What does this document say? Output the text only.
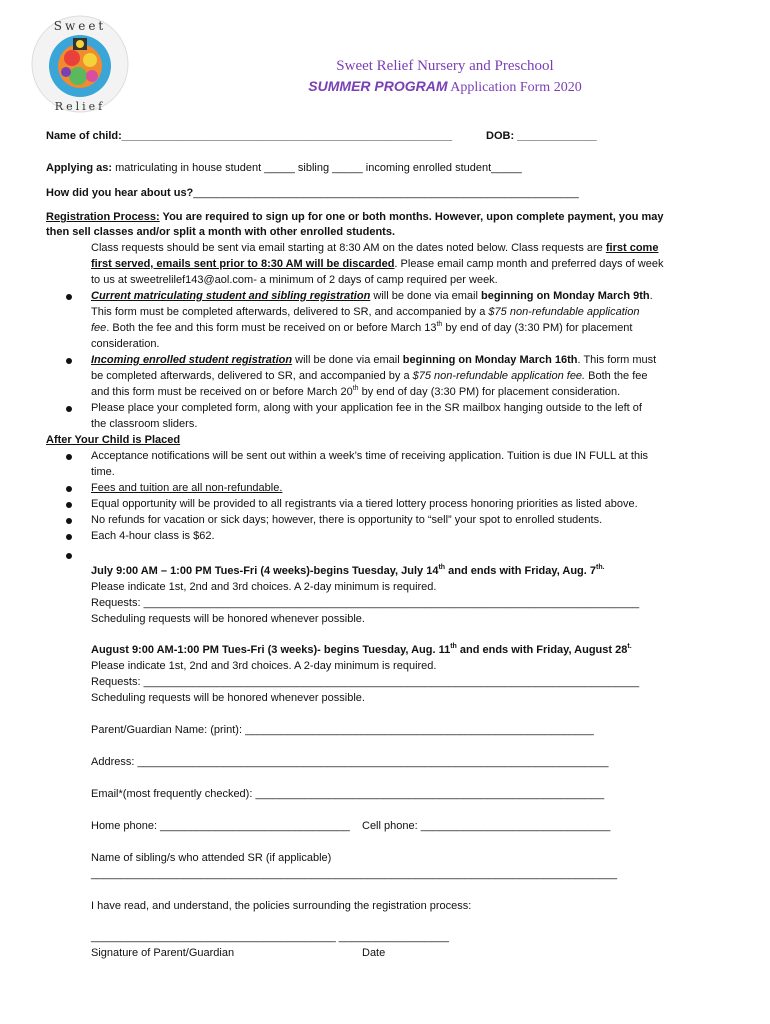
Sweet
Relief
Sweet Relief Nursery and Preschool
SUMMER PROGRAM Application Form 2020
Name of child:______________________________________________________	DOB: _____________
Applying as: matriculating in house student _____ sibling _____ incoming enrolled student_____
How did you hear about us?_______________________________________________________________
Registration Process: You are required to sign up for one or both months. However, upon complete payment, you may
then sell classes and/or split a month with other enrolled students.
Class requests should be sent via email starting at 8:30 AM on the dates noted below. Class requests are first come
first served, emails sent prior to 8:30 AM will be discarded. Please email camp month and preferred days of week
to us at sweetrelilef143@aol.com- a minimum of 2 days of camp required per week.
Current matriculating student and sibling registration will be done via email beginning on Monday March 9th.
This form must be completed afterwards, delivered to SR, and accompanied by a $75 non-refundable application
fee. Both the fee and this form must be received on or before March 13th by end of day (3:30 PM) for placement
consideration.
Incoming enrolled student registration will be done via email beginning on Monday March 16th. This form must
be completed afterwards, delivered to SR, and accompanied by a $75 non-refundable application fee. Both the fee
and this form must be received on or before March 20th by end of day (3:30 PM) for placement consideration.
Please place your completed form, along with your application fee in the SR mailbox hanging outside to the left of
the classroom sliders.
After Your Child is Placed
Acceptance notifications will be sent out within a week’s time of receiving application. Tuition is due IN FULL at this
time.
Fees and tuition are all non-refundable.
Equal opportunity will be provided to all registrants via a tiered lottery process honoring priorities as listed above.
No refunds for vacation or sick days; however, there is opportunity to “sell” your spot to enrolled students.
Each 4-hour class is $62.
July 9:00 AM – 1:00 PM Tues-Fri (4 weeks)-begins Tuesday, July 14th and ends with Friday, Aug. $7^{th.}$
Please indicate 1st, 2nd and 3rd choices. A 2-day minimum is required.
Requests: _________________________________________________________________________________
Scheduling requests will be honored whenever possible.
August 9:00 AM-1:00 PM Tues-Fri (3 weeks)- begins Tuesday, Aug. 11th and ends with Friday, August $28^{t.}$
Please indicate 1st, 2nd and 3rd choices. A 2-day minimum is required.
Requests: _________________________________________________________________________________
Scheduling requests will be honored whenever possible.
Parent/Guardian Name: (print): _________________________________________________________
Address: _____________________________________________________________________________
Email*(most frequently checked): _________________________________________________________
Home phone: _______________________________ Cell phone: _______________________________
Name of sibling/s who attended SR (if applicable)
______________________________________________________________________________________
I have read, and understand, the policies surrounding the registration process:
________________________________________ __________________
Signature of Parent/Guardian	Date
